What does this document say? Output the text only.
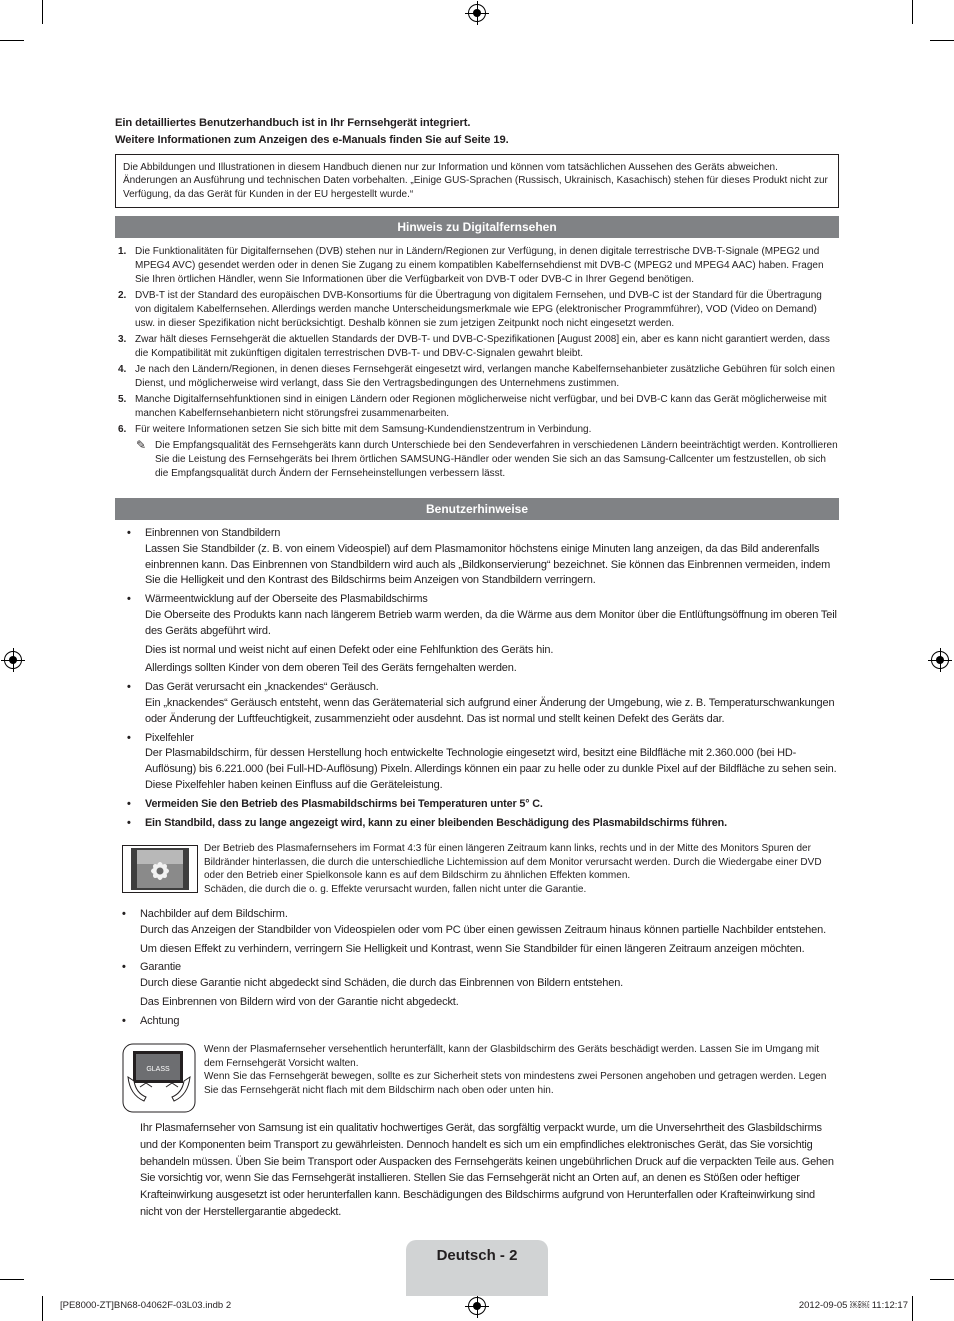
Ein detailliertes Benutzerhandbuch ist in Ihr Fernsehgerät integriert.
Weitere Informationen zum Anzeigen des e-Manuals finden Sie auf Seite 19.
Die Abbildungen und Illustrationen in diesem Handbuch dienen nur zur Information und können vom tatsächlichen Aussehen des Geräts abweichen. Änderungen an Ausführung und technischen Daten vorbehalten. „Einige GUS-Sprachen (Russisch, Ukrainisch, Kasachisch) stehen für dieses Produkt nicht zur Verfügung, da das Gerät für Kunden in der EU hergestellt wurde.“
Hinweis zu Digitalfernsehen
1. Die Funktionalitäten für Digitalfernsehen (DVB) stehen nur in Ländern/Regionen zur Verfügung, in denen digitale terrestrische DVB-T-Signale (MPEG2 und MPEG4 AVC) gesendet werden oder in denen Sie Zugang zu einem kompatiblen Kabelfernsehdienst mit DVB-C (MPEG2 und MPEG4 AAC) haben. Fragen Sie Ihren örtlichen Händler, wenn Sie Informationen über die Verfügbarkeit von DVB-T oder DVB-C in Ihrer Gegend benötigen.
2. DVB-T ist der Standard des europäischen DVB-Konsortiums für die Übertragung von digitalem Fernsehen, und DVB-C ist der Standard für die Übertragung von digitalem Kabelfernsehen. Allerdings werden manche Unterscheidungsmerkmale wie EPG (elektronischer Programmführer), VOD (Video on Demand) usw. in dieser Spezifikation nicht berücksichtigt. Deshalb können sie zum jetzigen Zeitpunkt noch nicht eingesetzt werden.
3. Zwar hält dieses Fernsehgerät die aktuellen Standards der DVB-T- und DVB-C-Spezifikationen [August 2008] ein, aber es kann nicht garantiert werden, dass die Kompatibilität mit zukünftigen digitalen terrestrischen DVB-T- und DBV-C-Signalen gewahrt bleibt.
4. Je nach den Ländern/Regionen, in denen dieses Fernsehgerät eingesetzt wird, verlangen manche Kabelfernsehanbieter zusätzliche Gebühren für solch einen Dienst, und möglicherweise wird verlangt, dass Sie den Vertragsbedingungen des Unternehmens zustimmen.
5. Manche Digitalfernsehfunktionen sind in einigen Ländern oder Regionen möglicherweise nicht verfügbar, und bei DVB-C kann das Gerät möglicherweise mit manchen Kabelfernsehanbietern nicht störungsfrei zusammenarbeiten.
6. Für weitere Informationen setzen Sie sich bitte mit dem Samsung-Kundendienstzentrum in Verbindung.
✎ Die Empfangsqualität des Fernsehgeräts kann durch Unterschiede bei den Sendeverfahren in verschiedenen Ländern beeinträchtigt werden. Kontrollieren Sie die Leistung des Fernsehgeräts bei Ihrem örtlichen SAMSUNG-Händler oder wenden Sie sich an das Samsung-Callcenter um festzustellen, ob sich die Empfangsqualität durch Ändern der Fernseheinstellungen verbessern lässt.
Benutzerhinweise
• Einbrennen von Standbildern

Lassen Sie Standbilder (z. B. von einem Videospiel) auf dem Plasmamonitor höchstens einige Minuten lang anzeigen, da das Bild anderenfalls einbrennen kann. Das Einbrennen von Standbildern wird auch als „Bildkonservierung“ bezeichnet. Sie können das Einbrennen vermeiden, indem Sie die Helligkeit und den Kontrast des Bildschirms beim Anzeigen von Standbildern verringern.

• Wärmeentwicklung auf der Oberseite des Plasmabildschirms

Die Oberseite des Produkts kann nach längerem Betrieb warm werden, da die Wärme aus dem Monitor über die Entlüftungsöffnung im oberen Teil des Geräts abgeführt wird.

Dies ist normal und weist nicht auf einen Defekt oder eine Fehlfunktion des Geräts hin.

Allerdings sollten Kinder von dem oberen Teil des Geräts ferngehalten werden.

• Das Gerät verursacht ein „knackendes“ Geräusch.

Ein „knackendes“ Geräusch entsteht, wenn das Gerätematerial sich aufgrund einer Änderung der Umgebung, wie z. B. Temperaturschwankungen oder Änderung der Luftfeuchtigkeit, zusammenzieht oder ausdehnt. Das ist normal und stellt keinen Defekt des Geräts dar.

• Pixelfehler

Der Plasmabildschirm, für dessen Herstellung hoch entwickelte Technologie eingesetzt wird, besitzt eine Bildfläche mit 2.360.000 (bei HD-Auflösung) bis 6.221.000 (bei Full-HD-Auflösung) Pixeln. Allerdings können ein paar zu helle oder zu dunkle Pixel auf der Bildfläche zu sehen sein. Diese Pixelfehler haben keinen Einfluss auf die Geräteleistung.

• Vermeiden Sie den Betrieb des Plasmabildschirms bei Temperaturen unter 5° C.
• Ein Standbild, dass zu lange angezeigt wird, kann zu einer bleibenden Beschädigung des Plasmabildschirms führen.
Der Betrieb des Plasmafernsehers im Format 4:3 für einen längeren Zeitraum kann links, rechts und in der Mitte des Monitors Spuren der Bildränder hinterlassen, die durch die unterschiedliche Lichtemission auf dem Monitor verursacht werden. Durch die Wiedergabe einer DVD oder den Betrieb einer Spielkonsole kann es auf dem Bildschirm zu ähnlichen Effekten kommen.
Schäden, die durch die o. g. Effekte verursacht wurden, fallen nicht unter die Garantie.
• Nachbilder auf dem Bildschirm.

Durch das Anzeigen der Standbilder von Videospielen oder vom PC über einen gewissen Zeitraum hinaus können partielle Nachbilder entstehen.

Um diesen Effekt zu verhindern, verringern Sie Helligkeit und Kontrast, wenn Sie Standbilder für einen längeren Zeitraum anzeigen möchten.

• Garantie

Durch diese Garantie nicht abgedeckt sind Schäden, die durch das Einbrennen von Bildern entstehen.

Das Einbrennen von Bildern wird von der Garantie nicht abgedeckt.

• Achtung
GLASS
Wenn der Plasmafernseher versehentlich herunterfällt, kann der Glasbildschirm des Geräts beschädigt werden. Lassen Sie im Umgang mit dem Fernsehgerät Vorsicht walten.
Wenn Sie das Fernsehgerät bewegen, sollte es zur Sicherheit stets von mindestens zwei Personen angehoben und getragen werden. Legen Sie das Fernsehgerät nicht flach mit dem Bildschirm nach oben oder unten hin.
Ihr Plasmafernseher von Samsung ist ein qualitativ hochwertiges Gerät, das sorgfältig verpackt wurde, um die Unversehrtheit des Glasbildschirms und der Komponenten beim Transport zu gewährleisten. Dennoch handelt es sich um ein empfindliches elektronisches Gerät, das Sie vorsichtig behandeln müssen. Üben Sie beim Transport oder Auspacken des Fernsehgeräts keinen ungebührlichen Druck auf die verpackten Teile aus. Gehen Sie vorsichtig vor, wenn Sie das Fernsehgerät installieren. Stellen Sie das Fernsehgerät nicht an Orten auf, an denen es Stößen oder heftiger Krafteinwirkung ausgesetzt ist oder herunterfallen kann. Beschädigungen des Bildschirms aufgrund von Herunterfallen oder Krafteinwirkung sind nicht von der Herstellergarantie abgedeckt.
Deutsch - 2
[PE8000-ZT]BN68-04062F-03L03.indb 2	2012-09-05 ￼￼ 11:12:17
